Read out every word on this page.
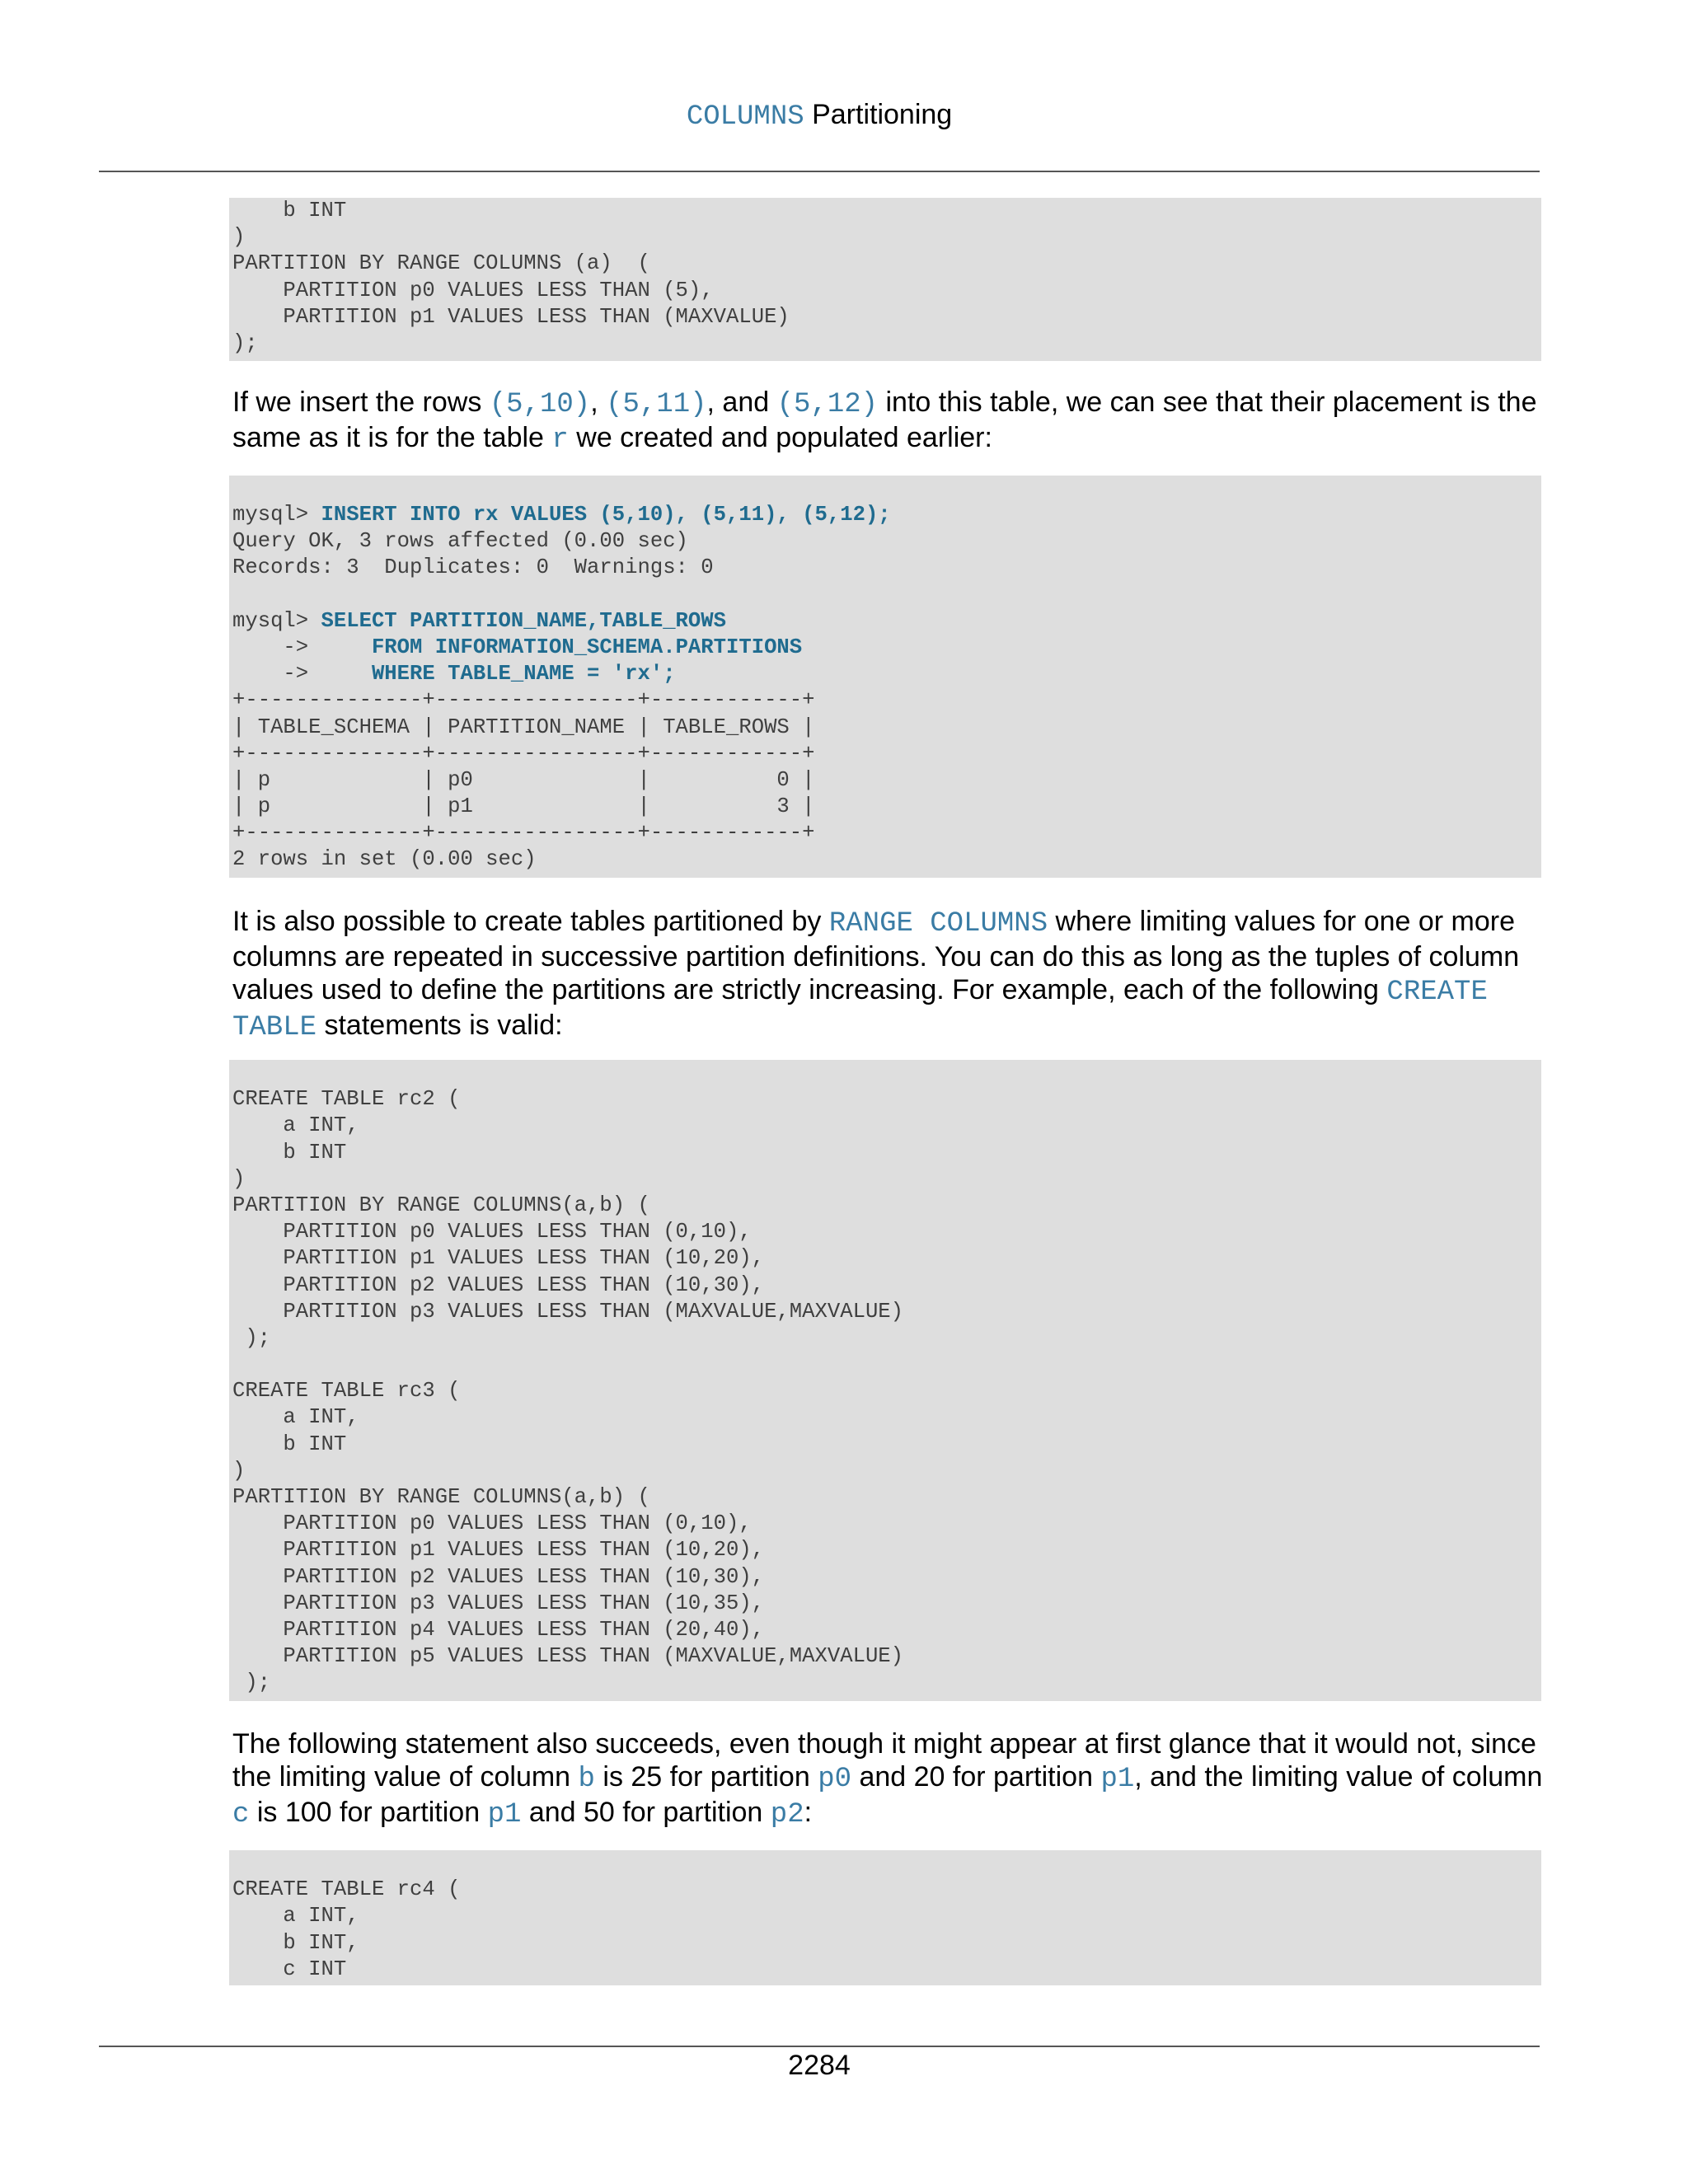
COLUMNS Partitioning
b INT
)
PARTITION BY RANGE COLUMNS (a)  (
PARTITION p0 VALUES LESS THAN (5),
PARTITION p1 VALUES LESS THAN (MAXVALUE)
);

If we insert the rows (5,10), (5,11), and (5,12) into this table, we can see that their placement is the same as it is for the table r we created and populated earlier:

mysql> INSERT INTO rx VALUES (5,10), (5,11), (5,12);
Query OK, 3 rows affected (0.00 sec)
Records: 3  Duplicates: 0  Warnings: 0
mysql> SELECT PARTITION_NAME,TABLE_ROWS
->     FROM INFORMATION_SCHEMA.PARTITIONS
->     WHERE TABLE_NAME = 'rx';
+--------------+----------------+------------+
| TABLE_SCHEMA | PARTITION_NAME | TABLE_ROWS |
+--------------+----------------+------------+
| p            | p0             |          0 |
| p            | p1             |          3 |
+--------------+----------------+------------+
2 rows in set (0.00 sec)

It is also possible to create tables partitioned by RANGE COLUMNS where limiting values for one or more columns are repeated in successive partition definitions. You can do this as long as the tuples of column values used to define the partitions are strictly increasing. For example, each of the following CREATE TABLE statements is valid:

CREATE TABLE rc2 (
a INT,
b INT
)
PARTITION BY RANGE COLUMNS(a,b) (
PARTITION p0 VALUES LESS THAN (0,10),
PARTITION p1 VALUES LESS THAN (10,20),
PARTITION p2 VALUES LESS THAN (10,30),
PARTITION p3 VALUES LESS THAN (MAXVALUE,MAXVALUE)
);
CREATE TABLE rc3 (
a INT,
b INT
)
PARTITION BY RANGE COLUMNS(a,b) (
PARTITION p0 VALUES LESS THAN (0,10),
PARTITION p1 VALUES LESS THAN (10,20),
PARTITION p2 VALUES LESS THAN (10,30),
PARTITION p3 VALUES LESS THAN (10,35),
PARTITION p4 VALUES LESS THAN (20,40),
PARTITION p5 VALUES LESS THAN (MAXVALUE,MAXVALUE)
);

The following statement also succeeds, even though it might appear at first glance that it would not, since the limiting value of column b is 25 for partition p0 and 20 for partition p1, and the limiting value of column c is 100 for partition p1 and 50 for partition p2:

CREATE TABLE rc4 (
a INT,
b INT,
c INT
2284
